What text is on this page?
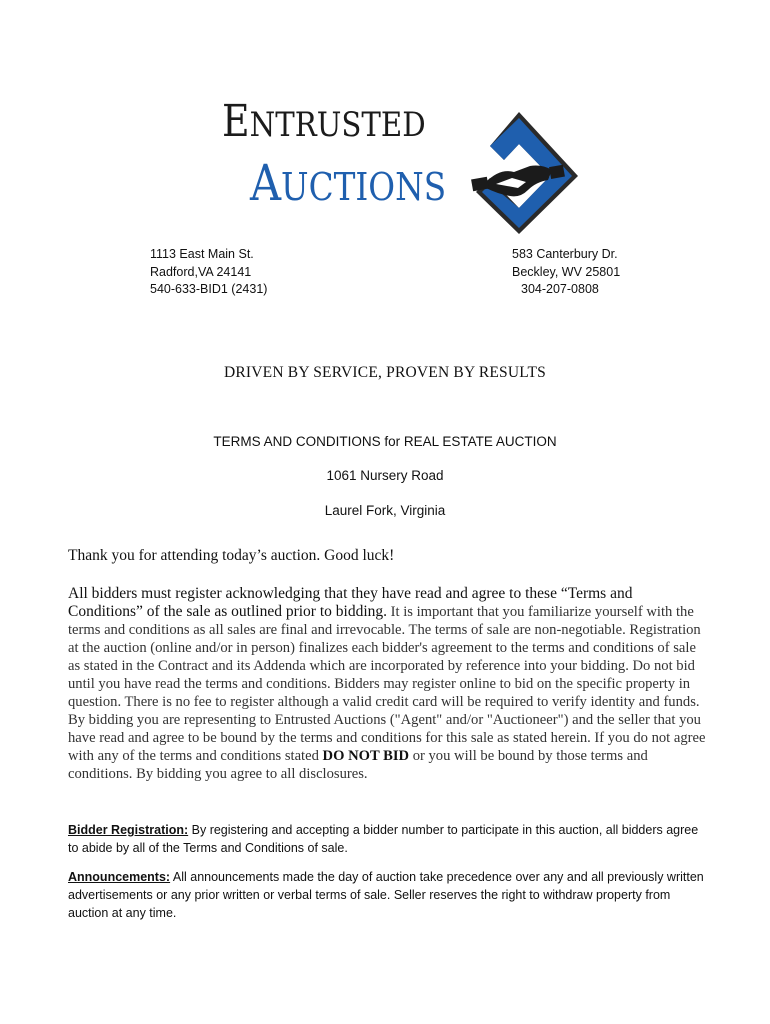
ENTRUSTED
AUCTIONS
1113 East Main St.
Radford,VA 24141
540-633-BID1 (2431)
583 Canterbury Dr.
Beckley, WV 25801
304-207-0808
DRIVEN BY SERVICE, PROVEN BY RESULTS
TERMS AND CONDITIONS for REAL ESTATE AUCTION
1061 Nursery Road
Laurel Fork, Virginia
Thank you for attending today’s auction. Good luck!
All bidders must register acknowledging that they have read and agree to these “Terms and Conditions” of the sale as outlined prior to bidding. It is important that you familiarize yourself with the terms and conditions as all sales are final and irrevocable. The terms of sale are non-negotiable. Registration at the auction (online and/or in person) finalizes each bidder's agreement to the terms and conditions of sale as stated in the Contract and its Addenda which are incorporated by reference into your bidding. Do not bid until you have read the terms and conditions. Bidders may register online to bid on the specific property in question. There is no fee to register although a valid credit card will be required to verify identity and funds. By bidding you are representing to Entrusted Auctions ("Agent" and/or "Auctioneer") and the seller that you have read and agree to be bound by the terms and conditions for this sale as stated herein. If you do not agree with any of the terms and conditions stated DO NOT BID or you will be bound by those terms and conditions. By bidding you agree to all disclosures.
Bidder Registration: By registering and accepting a bidder number to participate in this auction, all bidders agree to abide by all of the Terms and Conditions of sale.
Announcements: All announcements made the day of auction take precedence over any and all previously written advertisements or any prior written or verbal terms of sale. Seller reserves the right to withdraw property from auction at any time.
